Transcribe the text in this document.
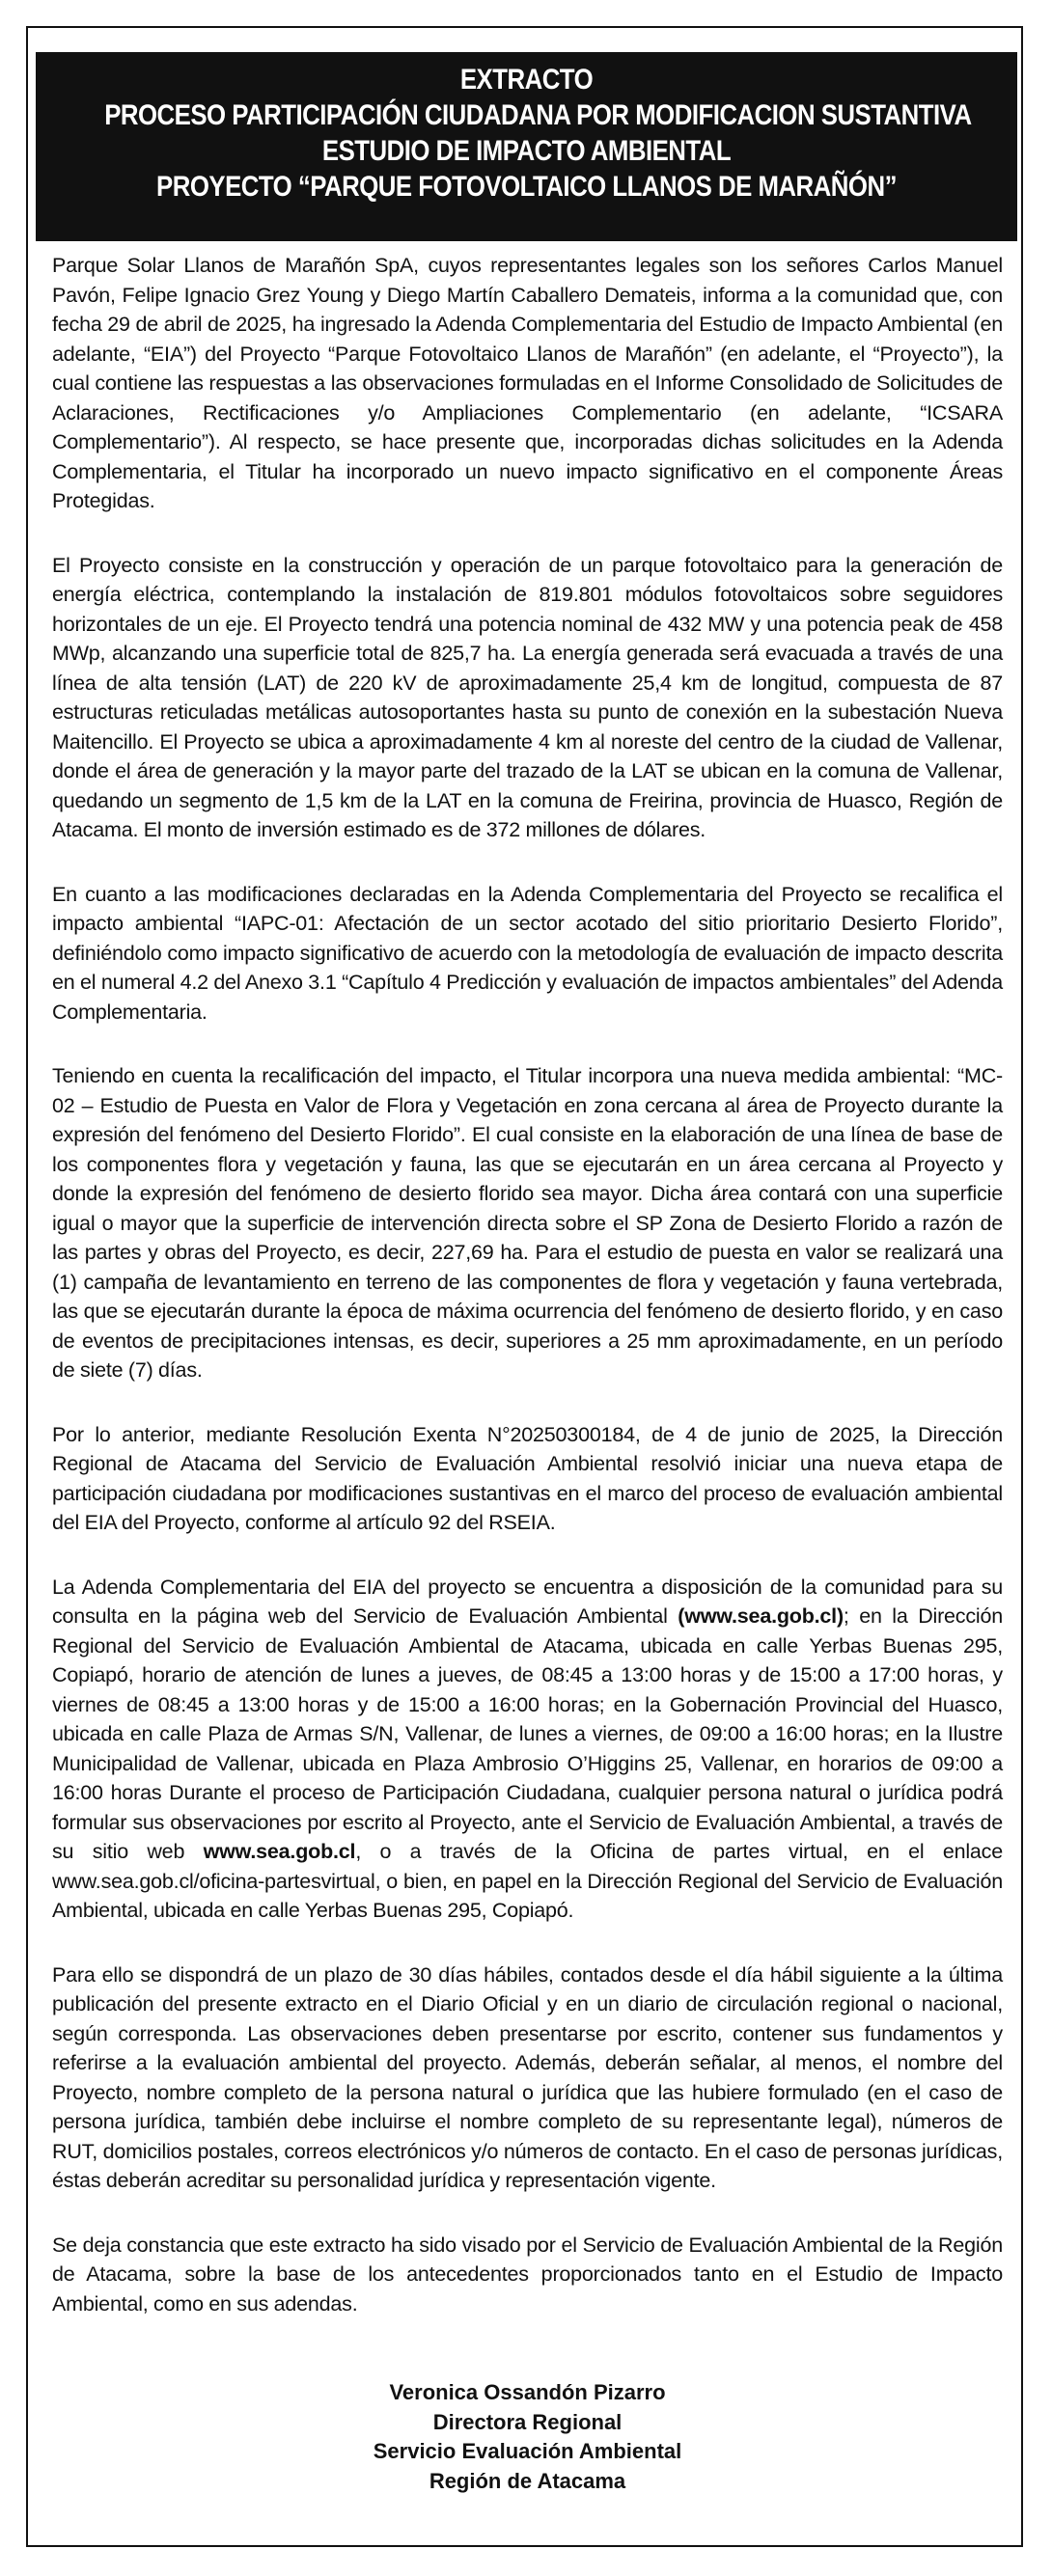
EXTRACTO
PROCESO PARTICIPACIÓN CIUDADANA POR MODIFICACION SUSTANTIVA
ESTUDIO DE IMPACTO AMBIENTAL
PROYECTO “PARQUE FOTOVOLTAICO LLANOS DE MARAÑÓN”

Parque Solar Llanos de Marañón SpA, cuyos representantes legales son los señores Carlos Manuel Pavón, Felipe Ignacio Grez Young y Diego Martín Caballero Demateis, informa a la comunidad que, con fecha 29 de abril de 2025, ha ingresado la Adenda Complementaria del Estudio de Impacto Ambiental (en adelante, “EIA”) del Proyecto “Parque Fotovoltaico Llanos de Marañón” (en adelante, el “Proyecto”), la cual contiene las respuestas a las observaciones formuladas en el Informe Consolidado de Solicitudes de Aclaraciones, Rectificaciones y/o Ampliaciones Complementario (en adelante, “ICSARA Complementario”). Al respecto, se hace presente que, incorporadas dichas solicitudes en la Adenda Complementaria, el Titular ha incorporado un nuevo impacto significativo en el componente Áreas Protegidas.

El Proyecto consiste en la construcción y operación de un parque fotovoltaico para la generación de energía eléctrica, contemplando la instalación de 819.801 módulos fotovoltaicos sobre seguidores horizontales de un eje. El Proyecto tendrá una potencia nominal de 432 MW y una potencia peak de 458 MWp, alcanzando una superficie total de 825,7 ha. La energía generada será evacuada a través de una línea de alta tensión (LAT) de 220 kV de aproximadamente 25,4 km de longitud, compuesta de 87 estructuras reticuladas metálicas autosoportantes hasta su punto de conexión en la subestación Nueva Maitencillo. El Proyecto se ubica a aproximadamente 4 km al noreste del centro de la ciudad de Vallenar, donde el área de generación y la mayor parte del trazado de la LAT se ubican en la comuna de Vallenar, quedando un segmento de 1,5 km de la LAT en la comuna de Freirina, provincia de Huasco, Región de Atacama. El monto de inversión estimado es de 372 millones de dólares.

En cuanto a las modificaciones declaradas en la Adenda Complementaria del Proyecto se recalifica el impacto ambiental “IAPC-01: Afectación de un sector acotado del sitio prioritario Desierto Florido”, definiéndolo como impacto significativo de acuerdo con la metodología de evaluación de impacto descrita en el numeral 4.2 del Anexo 3.1 “Capítulo 4 Predicción y evaluación de impactos ambientales” del Adenda Complementaria.

Teniendo en cuenta la recalificación del impacto, el Titular incorpora una nueva medida ambiental: “MC-02 – Estudio de Puesta en Valor de Flora y Vegetación en zona cercana al área de Proyecto durante la expresión del fenómeno del Desierto Florido”. El cual consiste en la elaboración de una línea de base de los componentes flora y vegetación y fauna, las que se ejecutarán en un área cercana al Proyecto y donde la expresión del fenómeno de desierto florido sea mayor. Dicha área contará con una superficie igual o mayor que la superficie de intervención directa sobre el SP Zona de Desierto Florido a razón de las partes y obras del Proyecto, es decir, 227,69 ha. Para el estudio de puesta en valor se realizará una (1) campaña de levantamiento en terreno de las componentes de flora y vegetación y fauna vertebrada, las que se ejecutarán durante la época de máxima ocurrencia del fenómeno de desierto florido, y en caso de eventos de precipitaciones intensas, es decir, superiores a 25 mm aproximadamente, en un período de siete (7) días.

Por lo anterior, mediante Resolución Exenta N°20250300184, de 4 de junio de 2025, la Dirección Regional de Atacama del Servicio de Evaluación Ambiental resolvió iniciar una nueva etapa de participación ciudadana por modificaciones sustantivas en el marco del proceso de evaluación ambiental del EIA del Proyecto, conforme al artículo 92 del RSEIA.

La Adenda Complementaria del EIA del proyecto se encuentra a disposición de la comunidad para su consulta en la página web del Servicio de Evaluación Ambiental (www.sea.gob.cl); en la Dirección Regional del Servicio de Evaluación Ambiental de Atacama, ubicada en calle Yerbas Buenas 295, Copiapó, horario de atención de lunes a jueves, de 08:45 a 13:00 horas y de 15:00 a 17:00 horas, y viernes de 08:45 a 13:00 horas y de 15:00 a 16:00 horas; en la Gobernación Provincial del Huasco, ubicada en calle Plaza de Armas S/N, Vallenar, de lunes a viernes, de 09:00 a 16:00 horas; en la Ilustre Municipalidad de Vallenar, ubicada en Plaza Ambrosio O’Higgins 25, Vallenar, en horarios de 09:00 a 16:00 horas Durante el proceso de Participación Ciudadana, cualquier persona natural o jurídica podrá formular sus observaciones por escrito al Proyecto, ante el Servicio de Evaluación Ambiental, a través de su sitio web www.sea.gob.cl, o a través de la Oficina de partes virtual, en el enlace www.sea.gob.cl/oficina-partesvirtual, o bien, en papel en la Dirección Regional del Servicio de Evaluación Ambiental, ubicada en calle Yerbas Buenas 295, Copiapó.

Para ello se dispondrá de un plazo de 30 días hábiles, contados desde el día hábil siguiente a la última publicación del presente extracto en el Diario Oficial y en un diario de circulación regional o nacional, según corresponda. Las observaciones deben presentarse por escrito, contener sus fundamentos y referirse a la evaluación ambiental del proyecto. Además, deberán señalar, al menos, el nombre del Proyecto, nombre completo de la persona natural o jurídica que las hubiere formulado (en el caso de persona jurídica, también debe incluirse el nombre completo de su representante legal), números de RUT, domicilios postales, correos electrónicos y/o números de contacto. En el caso de personas jurídicas, éstas deberán acreditar su personalidad jurídica y representación vigente.

Se deja constancia que este extracto ha sido visado por el Servicio de Evaluación Ambiental de la Región de Atacama, sobre la base de los antecedentes proporcionados tanto en el Estudio de Impacto Ambiental, como en sus adendas.

Veronica Ossandón Pizarro
Directora Regional
Servicio Evaluación Ambiental
Región de Atacama
